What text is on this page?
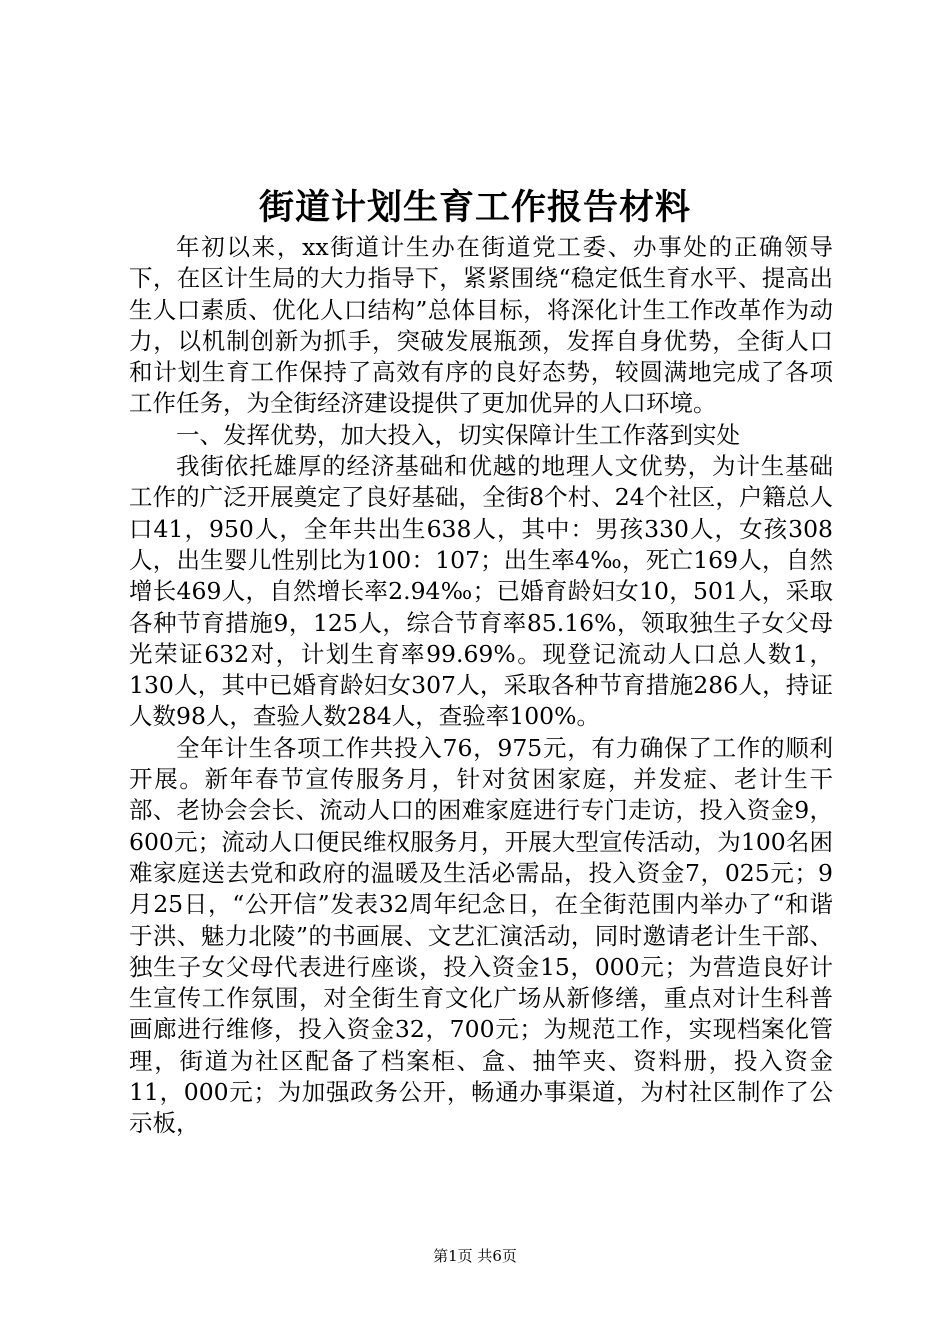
街道计划生育工作报告材料

年初以来，xx街道计生办在街道党工委、办事处的正确领导下，在区计生局的大力指导下，紧紧围绕“稳定低生育水平、提高出生人口素质、优化人口结构”总体目标，将深化计生工作改革作为动力，以机制创新为抓手，突破发展瓶颈，发挥自身优势，全街人口和计划生育工作保持了高效有序的良好态势，较圆满地完成了各项工作任务，为全街经济建设提供了更加优异的人口环境。

一、发挥优势，加大投入，切实保障计生工作落到实处

我街依托雄厚的经济基础和优越的地理人文优势，为计生基础工作的广泛开展奠定了良好基础，全街8个村、24个社区，户籍总人口41，950人，全年共出生638人，其中：男孩330人，女孩308人，出生婴儿性别比为100：107；出生率4‰，死亡169人，自然增长469人，自然增长率2.94‰；已婚育龄妇女10，501人，采取各种节育措施9，125人，综合节育率85.16%，领取独生子女父母光荣证632对，计划生育率99.69%。现登记流动人口总人数1，130人，其中已婚育龄妇女307人，采取各种节育措施286人，持证人数98人，查验人数284人，查验率100%。

全年计生各项工作共投入76，975元，有力确保了工作的顺利开展。新年春节宣传服务月，针对贫困家庭，并发症、老计生干部、老协会会长、流动人口的困难家庭进行专门走访，投入资金9，600元；流动人口便民维权服务月，开展大型宣传活动，为100名困难家庭送去党和政府的温暖及生活必需品，投入资金7，025元；9月25日，“公开信”发表32周年纪念日，在全街范围内举办了“和谐于洪、魅力北陵”的书画展、文艺汇演活动，同时邀请老计生干部、独生子女父母代表进行座谈，投入资金15，000元；为营造良好计生宣传工作氛围，对全街生育文化广场从新修缮，重点对计生科普画廊进行维修，投入资金32，700元；为规范工作，实现档案化管理，街道为社区配备了档案柜、盒、抽竿夹、资料册，投入资金11，000元；为加强政务公开，畅通办事渠道，为村社区制作了公示板，

第1页 共6页
